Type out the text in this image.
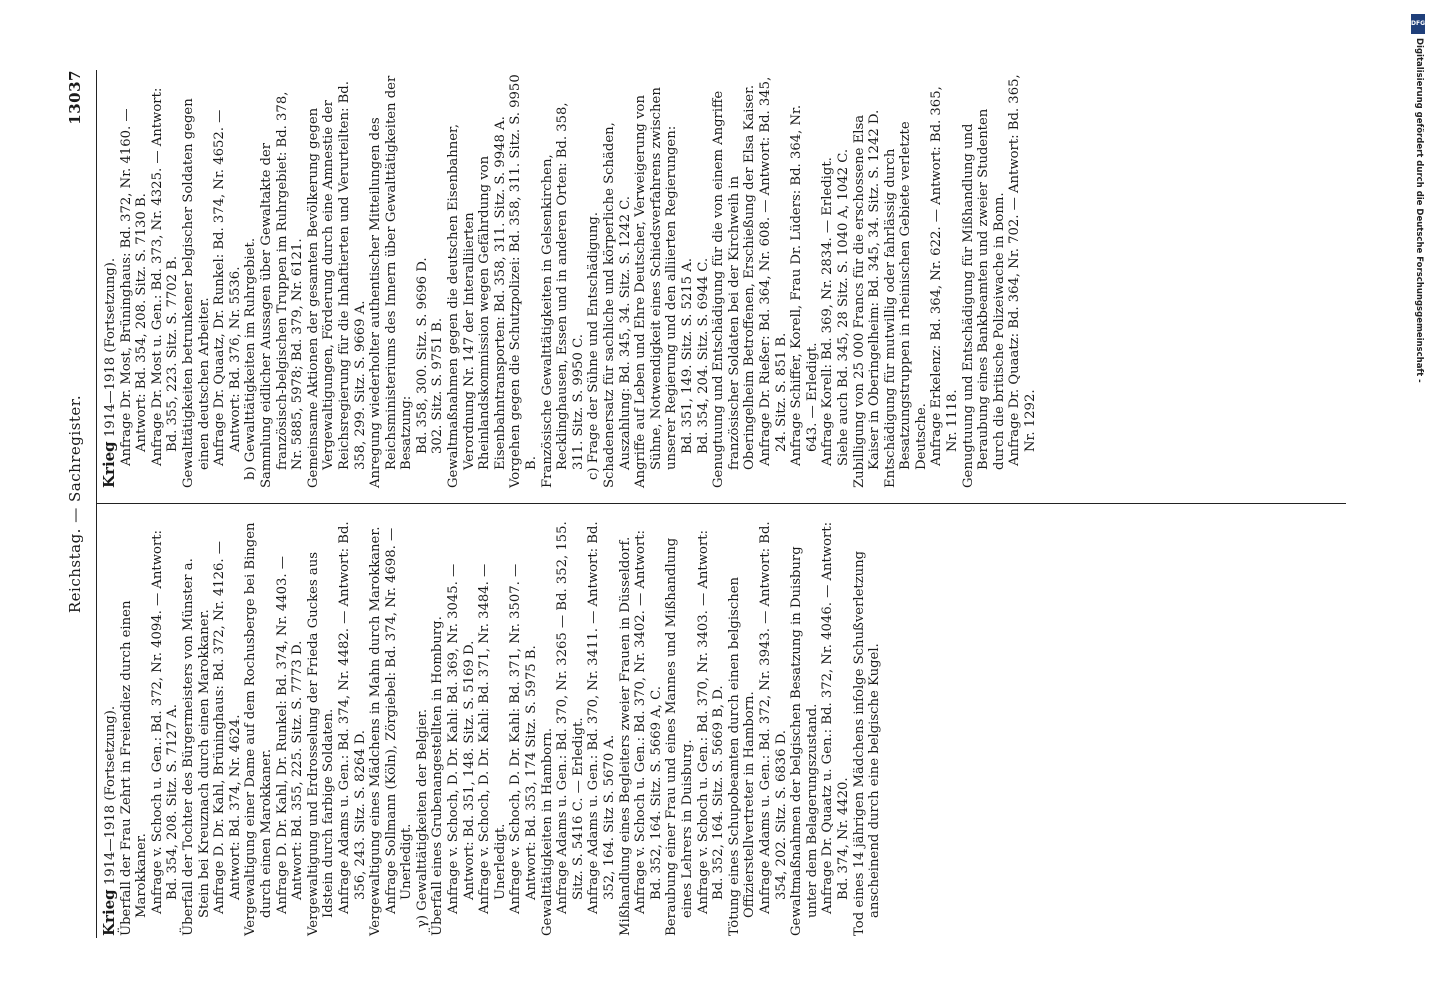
Reichstag. — Sachregister.
13037

Krieg 1914—1918 (Fortsetzung). Überfall der Frau Zehrt in Freiendiez durch einen Marokkaner. Anfrage v. Schoch u. Gen.: Bd. 372, Nr. 4094. — Antwort: Bd. 354, 208. Sitz. S. 7127 A. Überfall der Tochter des Bürgermeisters von Münster a. Stein bei Kreuznach durch einen Marokkaner. Anfrage D. Dr. Kahl, Brüninghaus: Bd. 372, Nr. 4126. — Antwort: Bd. 374, Nr. 4624. Vergewaltigung einer Dame auf dem Rochusberge bei Bingen durch einen Marokkaner. Anfrage D. Dr. Kahl, Dr. Runkel: Bd. 374, Nr. 4403. — Antwort: Bd. 355, 225. Sitz. S. 7773 D. Vergewaltigung und Erdrosselung der Frieda Guckes aus Idstein durch farbige Soldaten. Anfrage Adams u. Gen.: Bd. 374, Nr. 4482. — Antwort: Bd. 356, 243. Sitz. S. 8264 D. Vergewaltigung eines Mädchens in Mahn durch Marokkaner. Anfrage Sollmann (Köln), Zörgiebel: Bd. 374, Nr. 4698. — Unerledigt. γ) Gewalttätigkeiten der Belgier. Überfall eines Grubenangestellten in Homburg. Anfrage v. Schoch, D. Dr. Kahl: Bd. 369, Nr. 3045. — Antwort: Bd. 351, 148. Sitz. S. 5169 D. Anfrage v. Schoch, D. Dr. Kahl: Bd. 371, Nr. 3484. — Unerledigt. Anfrage v. Schoch, D. Dr. Kahl: Bd. 371, Nr. 3507. — Antwort: Bd. 353, 174 Sitz. S. 5975 B. Gewalttätigkeiten in Hamborn. Anfrage Adams u. Gen.: Bd. 370, Nr. 3265 — Bd. 352, 155. Sitz. S. 5416 C. — Erledigt. Anfrage Adams u. Gen.: Bd. 370, Nr. 3411. — Antwort: Bd. 352, 164. Sitz S. 5670 A. Mißhandlung eines Begleiters zweier Frauen in Düsseldorf. Anfrage v. Schoch u. Gen.: Bd. 370, Nr. 3402. — Antwort: Bd. 352, 164. Sitz. S. 5669 A, C. Beraubung einer Frau und eines Mannes und Mißhandlung eines Lehrers in Duisburg. Anfrage v. Schoch u. Gen.: Bd. 370, Nr. 3403. — Antwort: Bd. 352, 164. Sitz. S. 5669 B, D. Tötung eines Schupobeamten durch einen belgischen Offizierstellvertreter in Hamborn. Anfrage Adams u. Gen.: Bd. 372, Nr. 3943. — Antwort: Bd. 354, 202. Sitz. S. 6836 D. Gewaltmaßnahmen der belgischen Besatzung in Duisburg unter dem Belagerungszustand. Anfrage Dr. Quaatz u. Gen.: Bd. 372, Nr. 4046. — Antwort: Bd. 374, Nr. 4420. Tod eines 14 jährigen Mädchens infolge Schußverletzung anscheinend durch eine belgische Kugel.

Krieg 1914—1918 (Fortsetzung). Anfrage Dr. Most, Brüninghaus: Bd. 372, Nr. 4160. — Antwort: Bd. 354, 208. Sitz. S. 7130 B. Anfrage Dr. Most u. Gen.: Bd. 373, Nr. 4325. — Antwort: Bd. 355, 223. Sitz. S. 7702 B. Gewalttätigkeiten betrunkener belgischer Soldaten gegen einen deutschen Arbeiter. Anfrage Dr. Quaatz, Dr. Runkel: Bd. 374, Nr. 4652. — Antwort: Bd. 376, Nr. 5536. b) Gewalttätigkeiten im Ruhrgebiet. Sammlung eidlicher Aussagen über Gewaltakte der französisch-belgischen Truppen im Ruhrgebiet: Bd. 378, Nr. 5885, 5978; Bd. 379, Nr. 6121. Gemeinsame Aktionen der gesamten Bevölkerung gegen Vergewaltigungen, Förderung durch eine Amnestie der Reichsregierung für die Inhaftierten und Verurteilten: Bd. 358, 299. Sitz. S. 9669 A. Anregung wiederholter authentischer Mitteilungen des Reichsministeriums des Innern über Gewalttätigkeiten der Besatzung: Bd. 358, 300. Sitz. S. 9696 D. 302. Sitz. S. 9751 B. Gewaltmaßnahmen gegen die deutschen Eisenbahner, Verordnung Nr. 147 der Interalliierten Rheinlandskommission wegen Gefährdung von Eisenbahntransporten: Bd. 358, 311. Sitz. S. 9948 A. Vorgehen gegen die Schutzpolizei: Bd. 358, 311. Sitz. S. 9950 B. Französische Gewalttätigkeiten in Gelsenkirchen, Recklinghausen, Essen und in anderen Orten: Bd. 358, 311. Sitz. S. 9950 C. c) Frage der Sühne und Entschädigung. Schadenersatz für sachliche und körperliche Schäden, Auszahlung: Bd. 345, 34. Sitz. S. 1242 C. Angriffe auf Leben und Ehre Deutscher, Verweigerung von Sühne, Notwendigkeit eines Schiedsverfahrens zwischen unserer Regierung und den alliierten Regierungen: Bd. 351, 149. Sitz. S. 5215 A. Bd. 354, 204. Sitz. S. 6944 C. Genugtuung und Entschädigung für die von einem Angriffe französischer Soldaten bei der Kirchweih in Oberingelheim Betroffenen, Erschießung der Elsa Kaiser. Anfrage Dr. Rießer: Bd. 364, Nr. 608. — Antwort: Bd. 345, 24. Sitz. S. 851 B. Anfrage Schiffer, Korell, Frau Dr. Lüders: Bd. 364, Nr. 643. — Erledigt. Anfrage Korell: Bd. 369, Nr. 2834. — Erledigt. Siehe auch Bd. 345, 28 Sitz. S. 1040 A, 1042 C. Zubilligung von 25 000 Francs für die erschossene Elsa Kaiser in Oberingelheim: Bd. 345, 34. Sitz. S. 1242 D. Entschädigung für mutwillig oder fahrlässig durch Besatzungstruppen in rheinischen Gebiete verletzte Deutsche. Anfrage Erkelenz: Bd. 364, Nr. 622. — Antwort: Bd. 365, Nr. 1118. Genugtuung und Entschädigung für Mißhandlung und Beraubung eines Bankbeamten und zweier Studenten durch die britische Polizeiwache in Bonn. Anfrage Dr. Quaatz: Bd. 364, Nr. 702. — Antwort: Bd. 365, Nr. 1292.

DFG
Digitalisierung gefördert durch die Deutsche Forschungsgemeinschaft -
